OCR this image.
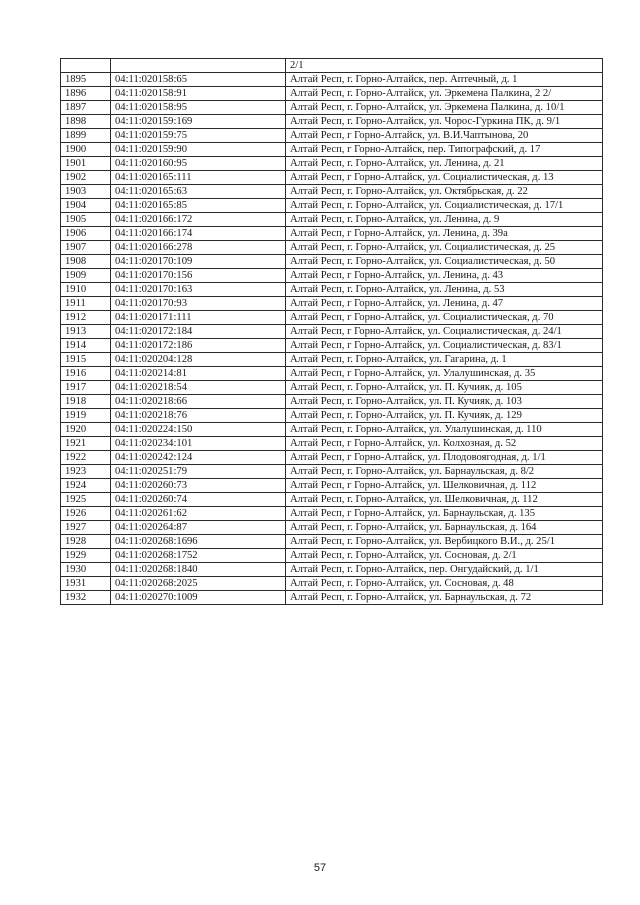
		2/1
1895	04:11:020158:65	Алтай Респ, г. Горно-Алтайск, пер. Аптечный, д. 1
1896	04:11:020158:91	Алтай Респ, г. Горно-Алтайск, ул. Эркемена Палкина, 2 2/
1897	04:11:020158:95	Алтай Респ, г. Горно-Алтайск, ул. Эркемена Палкина, д. 10/1
1898	04:11:020159:169	Алтай Респ, г. Горно-Алтайск, ул. Чорос-Гуркина ПК, д. 9/1
1899	04:11:020159:75	Алтай Респ, г Горно-Алтайск, ул. В.И.Чаптынова, 20
1900	04:11:020159:90	Алтай Респ, г Горно-Алтайск, пер. Типографский, д. 17
1901	04:11:020160:95	Алтай Респ, г. Горно-Алтайск, ул. Ленина, д. 21
1902	04:11:020165:111	Алтай Респ, г Горно-Алтайск, ул. Социалистическая, д. 13
1903	04:11:020165:63	Алтай Респ, г. Горно-Алтайск, ул. Октябрьская, д. 22
1904	04:11:020165:85	Алтай Респ, г. Горно-Алтайск, ул. Социалистическая, д. 17/1
1905	04:11:020166:172	Алтай Респ, г. Горно-Алтайск, ул. Ленина, д. 9
1906	04:11:020166:174	Алтай Респ, г Горно-Алтайск, ул. Ленина, д. 39а
1907	04:11:020166:278	Алтай Респ, г. Горно-Алтайск, ул. Социалистическая, д. 25
1908	04:11:020170:109	Алтай Респ, г. Горно-Алтайск, ул. Социалистическая, д. 50
1909	04:11:020170:156	Алтай Респ, г Горно-Алтайск, ул. Ленина, д. 43
1910	04:11:020170:163	Алтай Респ, г. Горно-Алтайск, ул. Ленина, д. 53
1911	04:11:020170:93	Алтай Респ, г Горно-Алтайск, ул. Ленина, д. 47
1912	04:11:020171:111	Алтай Респ, г Горно-Алтайск, ул. Социалистическая, д. 70
1913	04:11:020172:184	Алтай Респ, г Горно-Алтайск, ул. Социалистическая, д. 24/1
1914	04:11:020172:186	Алтай Респ, г Горно-Алтайск, ул. Социалистическая, д. 83/1
1915	04:11:020204:128	Алтай Респ, г. Горно-Алтайск, ул. Гагарина, д. 1
1916	04:11:020214:81	Алтай Респ, г Горно-Алтайск, ул. Улалушинская, д. 35
1917	04:11:020218:54	Алтай Респ, г. Горно-Алтайск, ул. П. Кучияк, д. 105
1918	04:11:020218:66	Алтай Респ, г. Горно-Алтайск, ул. П. Кучияк, д. 103
1919	04:11:020218:76	Алтай Респ, г. Горно-Алтайск, ул. П. Кучияк, д. 129
1920	04:11:020224:150	Алтай Респ, г. Горно-Алтайск, ул. Улалушинская, д. 110
1921	04:11:020234:101	Алтай Респ, г Горно-Алтайск, ул. Колхозная, д. 52
1922	04:11:020242:124	Алтай Респ, г Горно-Алтайск, ул. Плодовоягодная, д. 1/1
1923	04:11:020251:79	Алтай Респ, г. Горно-Алтайск, ул. Барнаульская, д. 8/2
1924	04:11:020260:73	Алтай Респ, г Горно-Алтайск, ул. Шелковичная, д. 112
1925	04:11:020260:74	Алтай Респ, г. Горно-Алтайск, ул. Шелковичная, д. 112
1926	04:11:020261:62	Алтай Респ, г Горно-Алтайск, ул. Барнаульская, д. 135
1927	04:11:020264:87	Алтай Респ, г. Горно-Алтайск, ул. Барнаульская, д. 164
1928	04:11:020268:1696	Алтай Респ, г. Горно-Алтайск, ул. Вербицкого В.И., д. 25/1
1929	04:11:020268:1752	Алтай Респ, г. Горно-Алтайск, ул. Сосновая, д. 2/1
1930	04:11:020268:1840	Алтай Респ, г. Горно-Алтайск, пер. Онгудайский, д. 1/1
1931	04:11:020268:2025	Алтай Респ, г. Горно-Алтайск, ул. Сосновая, д. 48
1932	04:11:020270:1009	Алтай Респ, г. Горно-Алтайск, ул. Барнаульская, д. 72
57
